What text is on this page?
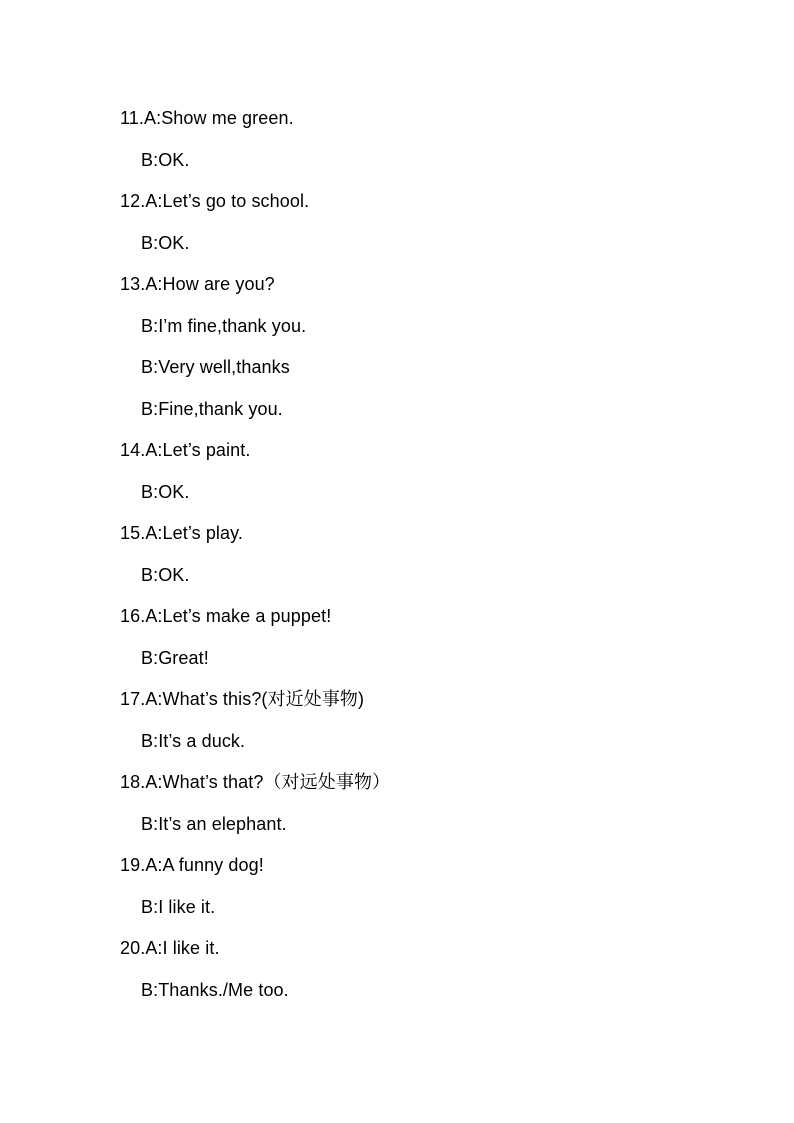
11.A:Show me green.
B:OK.
12.A:Let’s go to school.
B:OK.
13.A:How are you?
B:I’m fine,thank you.
B:Very well,thanks
B:Fine,thank you.
14.A:Let’s paint.
B:OK.
15.A:Let’s play.
B:OK.
16.A:Let’s make a puppet!
B:Great!
17.A:What’s this?(对近处事物)
B:It’s a duck.
18.A:What’s that?（对远处事物）
B:It’s an elephant.
19.A:A funny dog!
B:I like it.
20.A:I like it.
B:Thanks./Me too.
